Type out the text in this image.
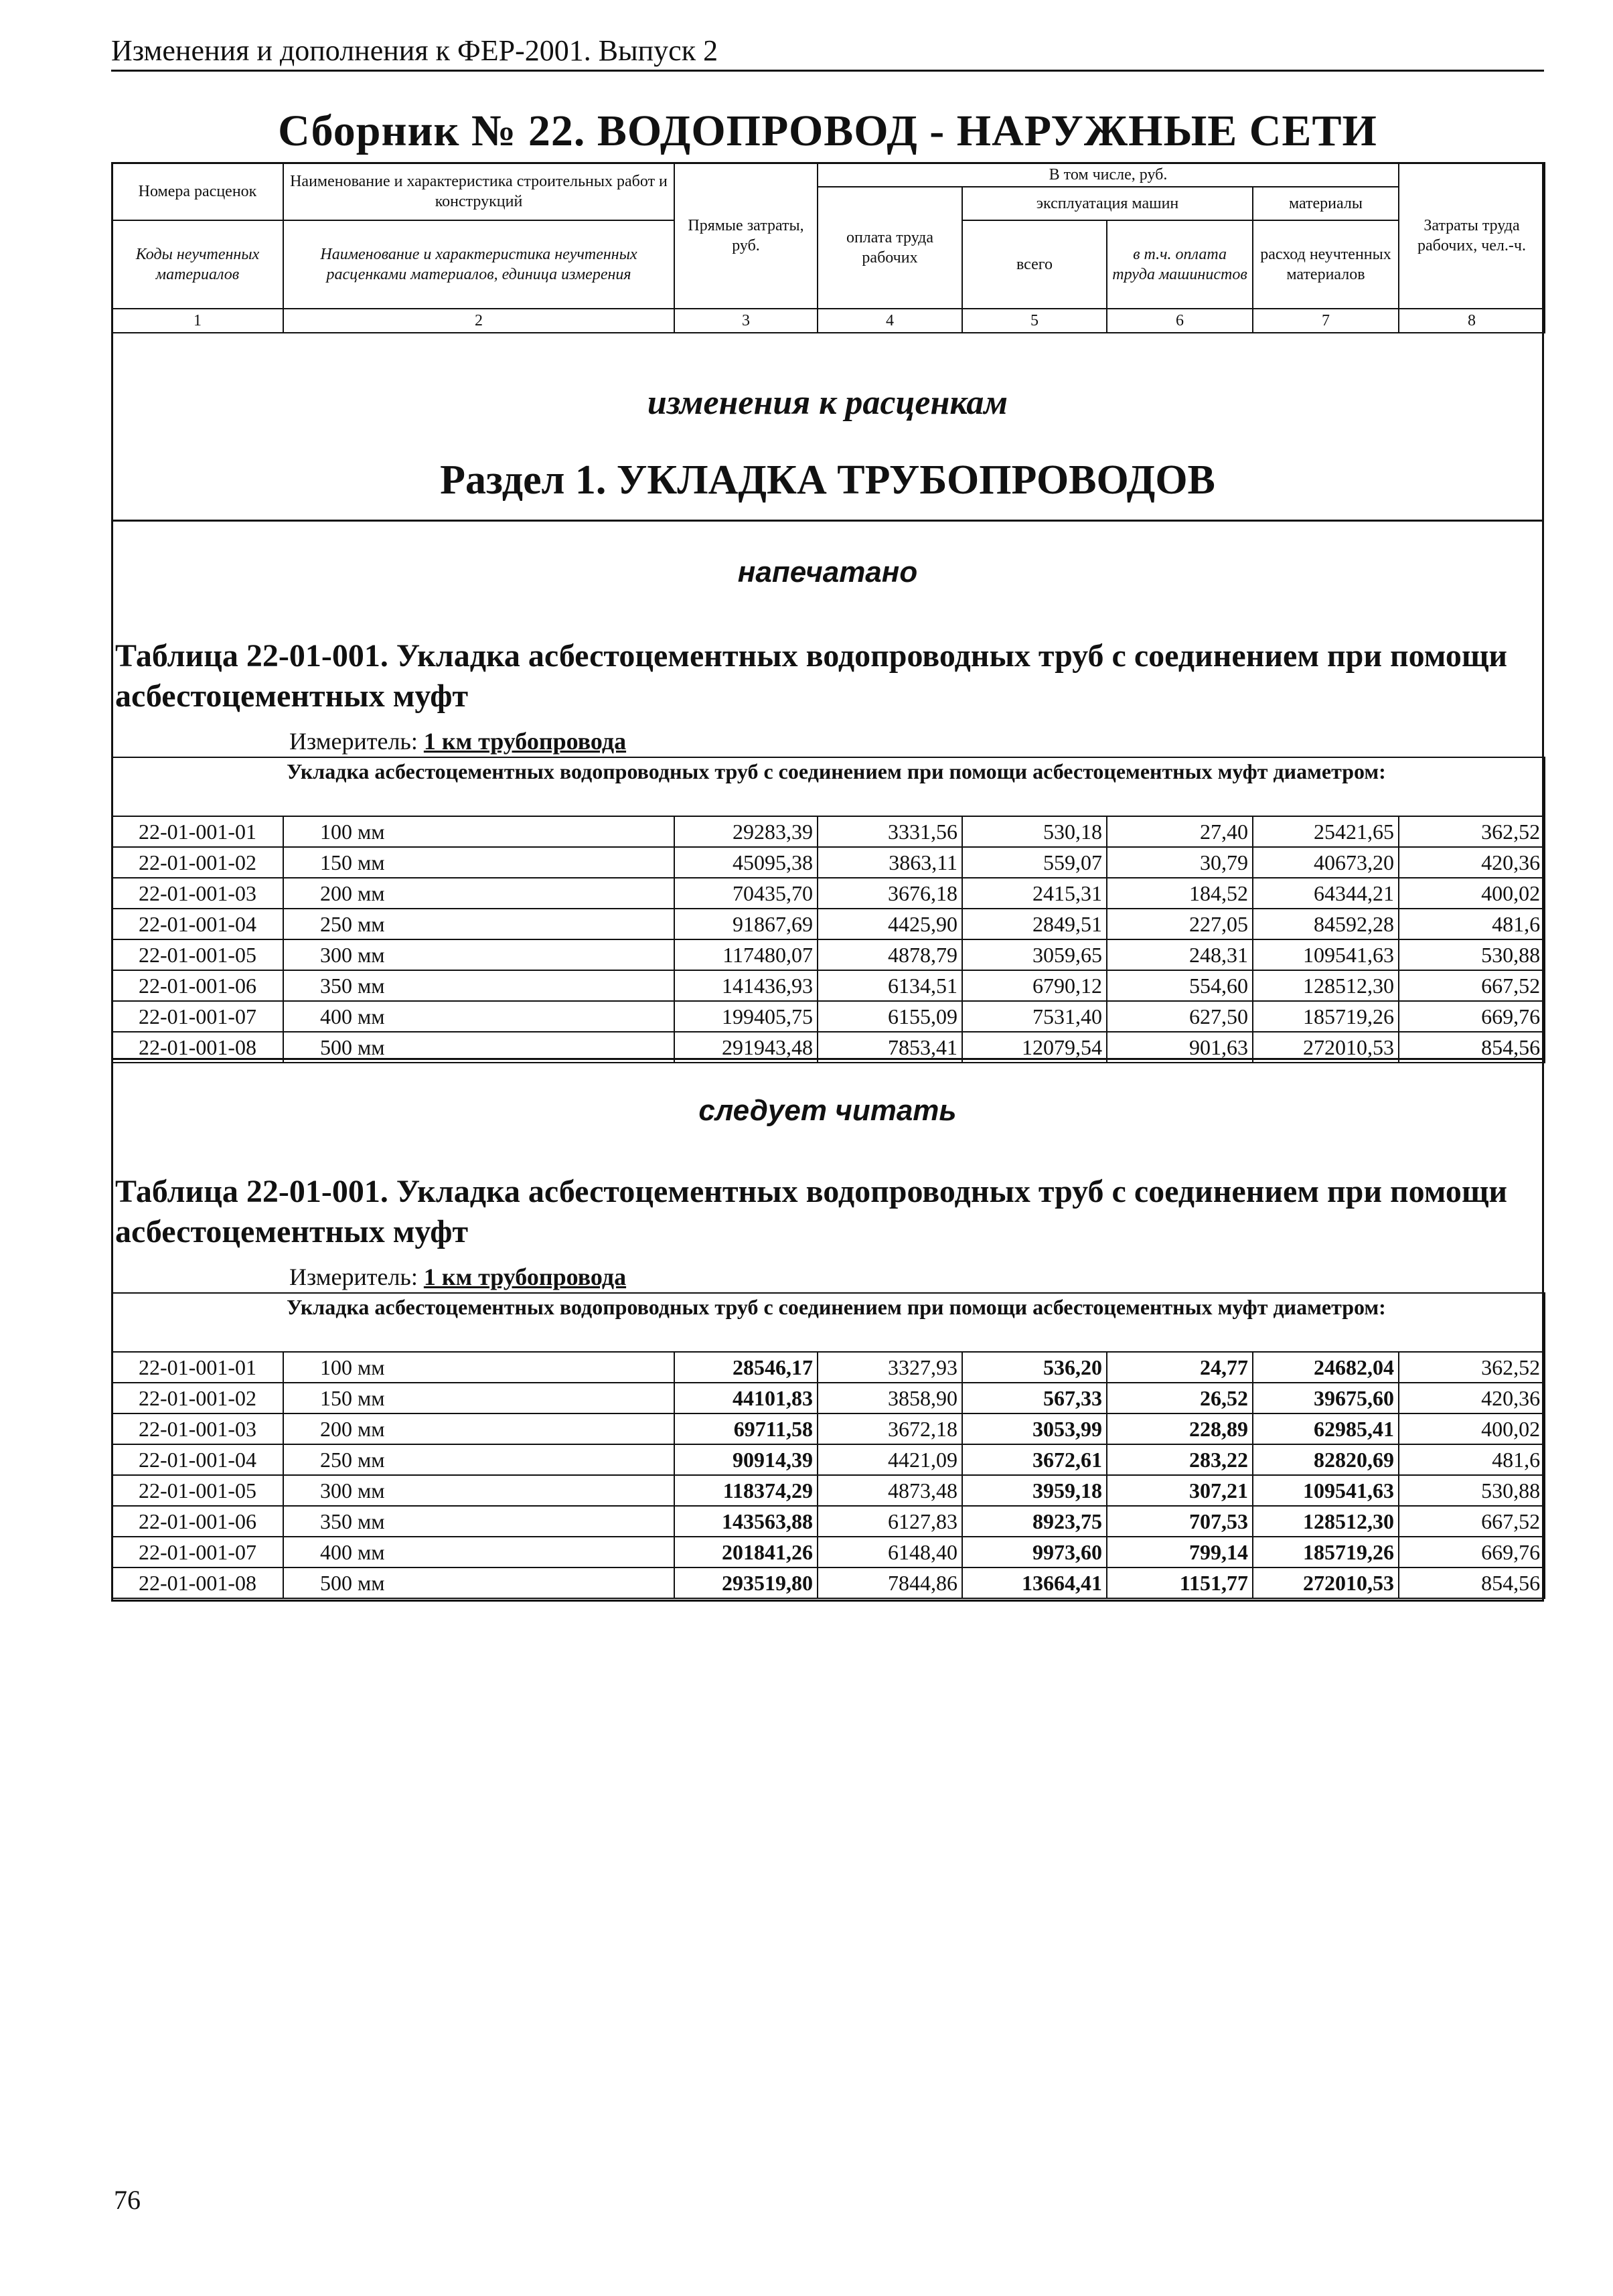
Изменения и дополнения к ФЕР-2001. Выпуск 2
Сборник № 22. ВОДОПРОВОД - НАРУЖНЫЕ СЕТИ
Номера расценок	Наименование и характеристика строительных работ и конструкций	Прямые затраты, руб.	В том числе, руб.				Затраты труда рабочих, чел.-ч.
			оплата труда рабочих	эксплуатация машин		материалы	
Коды неучтенных материалов	Наименование и характеристика неучтенных расценками материалов, единица измерения			всего	в т.ч. оплата труда машинистов	расход неучтенных материалов	

1	2	3	4	5	6	7	8
изменения к расценкам
Раздел 1. УКЛАДКА ТРУБОПРОВОДОВ
напечатано
Таблица 22-01-001. Укладка асбестоцементных водопроводных труб с соединением при помощи асбестоцементных муфт
Измеритель: 1 км трубопровода
Укладка асбестоцементных водопроводных труб с соединением при помощи асбестоцементных муфт диаметром:							
22-01-001-01	100 мм	29283,39	3331,56	530,18	27,40	25421,65	362,52
22-01-001-02	150 мм	45095,38	3863,11	559,07	30,79	40673,20	420,36
22-01-001-03	200 мм	70435,70	3676,18	2415,31	184,52	64344,21	400,02
22-01-001-04	250 мм	91867,69	4425,90	2849,51	227,05	84592,28	481,6
22-01-001-05	300 мм	117480,07	4878,79	3059,65	248,31	109541,63	530,88
22-01-001-06	350 мм	141436,93	6134,51	6790,12	554,60	128512,30	667,52
22-01-001-07	400 мм	199405,75	6155,09	7531,40	627,50	185719,26	669,76
22-01-001-08	500 мм	291943,48	7853,41	12079,54	901,63	272010,53	854,56
следует читать
Таблица 22-01-001. Укладка асбестоцементных водопроводных труб с соединением при помощи асбестоцементных муфт
Измеритель: 1 км трубопровода
Укладка асбестоцементных водопроводных труб с соединением при помощи асбестоцементных муфт диаметром:							
22-01-001-01	100 мм	28546,17	3327,93	536,20	24,77	24682,04	362,52
22-01-001-02	150 мм	44101,83	3858,90	567,33	26,52	39675,60	420,36
22-01-001-03	200 мм	69711,58	3672,18	3053,99	228,89	62985,41	400,02
22-01-001-04	250 мм	90914,39	4421,09	3672,61	283,22	82820,69	481,6
22-01-001-05	300 мм	118374,29	4873,48	3959,18	307,21	109541,63	530,88
22-01-001-06	350 мм	143563,88	6127,83	8923,75	707,53	128512,30	667,52
22-01-001-07	400 мм	201841,26	6148,40	9973,60	799,14	185719,26	669,76
22-01-001-08	500 мм	293519,80	7844,86	13664,41	1151,77	272010,53	854,56
76
